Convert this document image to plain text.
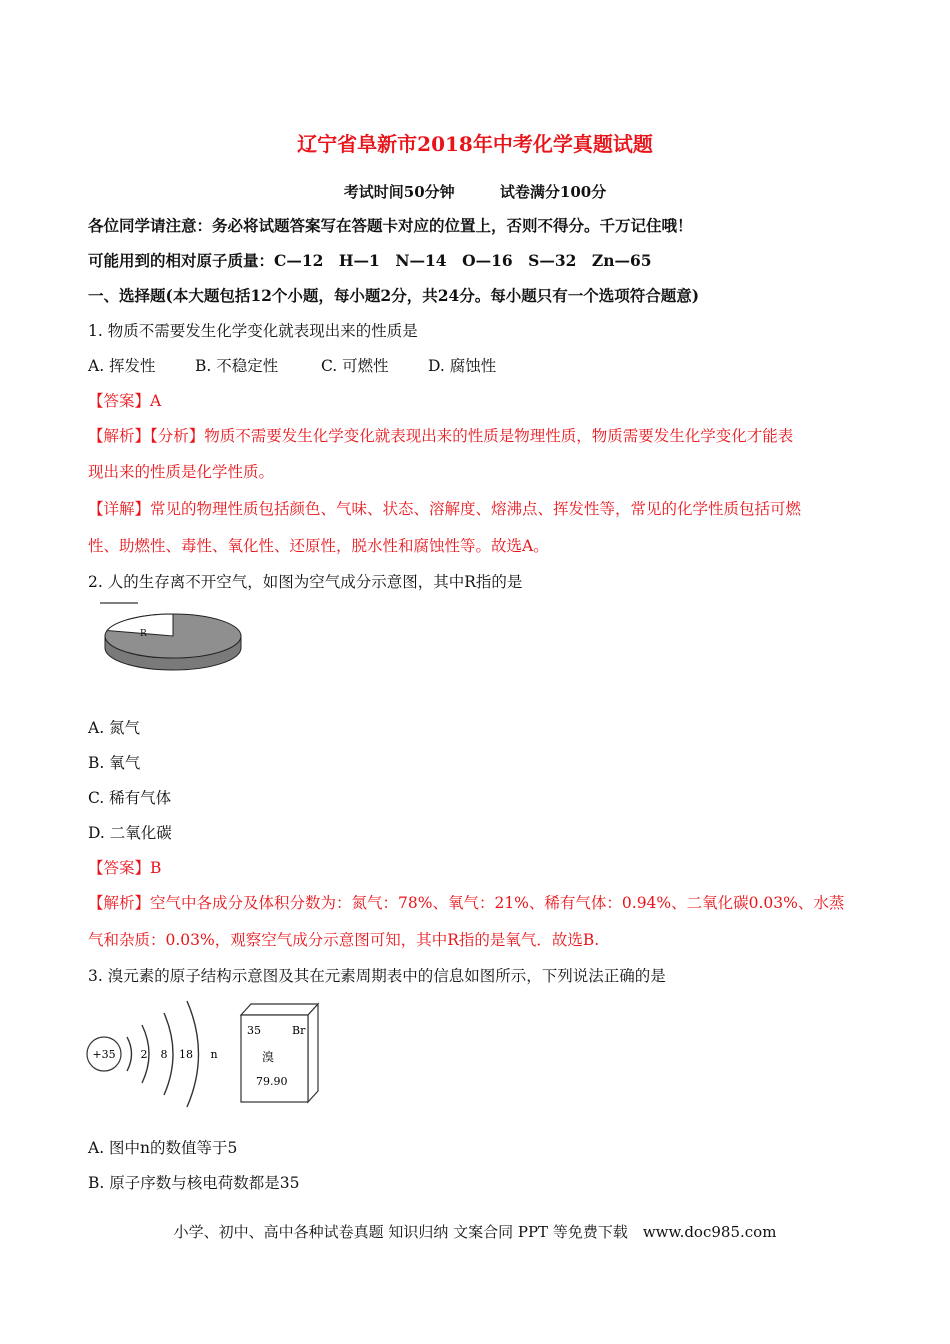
辽宁省阜新市2018年中考化学真题试题
考试时间50分钟	试卷满分100分
各位同学请注意：务必将试题答案写在答题卡对应的位置上，否则不得分。千万记住哦！
可能用到的相对原子质量：C—12　H—1　N—14　O—16　S—32　Zn—65
一、选择题(本大题包括12个小题，每小题2分，共24分。每小题只有一个选项符合题意)
1. 物质不需要发生化学变化就表现出来的性质是
A. 挥发性	B. 不稳定性	C. 可燃性	D. 腐蚀性
【答案】A
【解析】【分析】物质不需要发生化学变化就表现出来的性质是物理性质，物质需要发生化学变化才能表
现出来的性质是化学性质。
【详解】常见的物理性质包括颜色、气味、状态、溶解度、熔沸点、挥发性等，常见的化学性质包括可燃
性、助燃性、毒性、氧化性、还原性，脱水性和腐蚀性等。故选A。
2. 人的生存离不开空气，如图为空气成分示意图，其中R指的是
R
A. 氮气
B. 氧气
C. 稀有气体
D. 二氧化碳
【答案】B
【解析】空气中各成分及体积分数为：氮气：78%、氧气：21%、稀有气体：0.94%、二氧化碳0.03%、水蒸
气和杂质：0.03%，观察空气成分示意图可知，其中R指的是氧气．故选B.
3. 溴元素的原子结构示意图及其在元素周期表中的信息如图所示，下列说法正确的是
+35 2 8 18 n
35	Br
溴
79.90
A. 图中n的数值等于5
B. 原子序数与核电荷数都是35
小学、初中、高中各种试卷真题 知识归纳 文案合同 PPT 等免费下载　www.doc985.com
